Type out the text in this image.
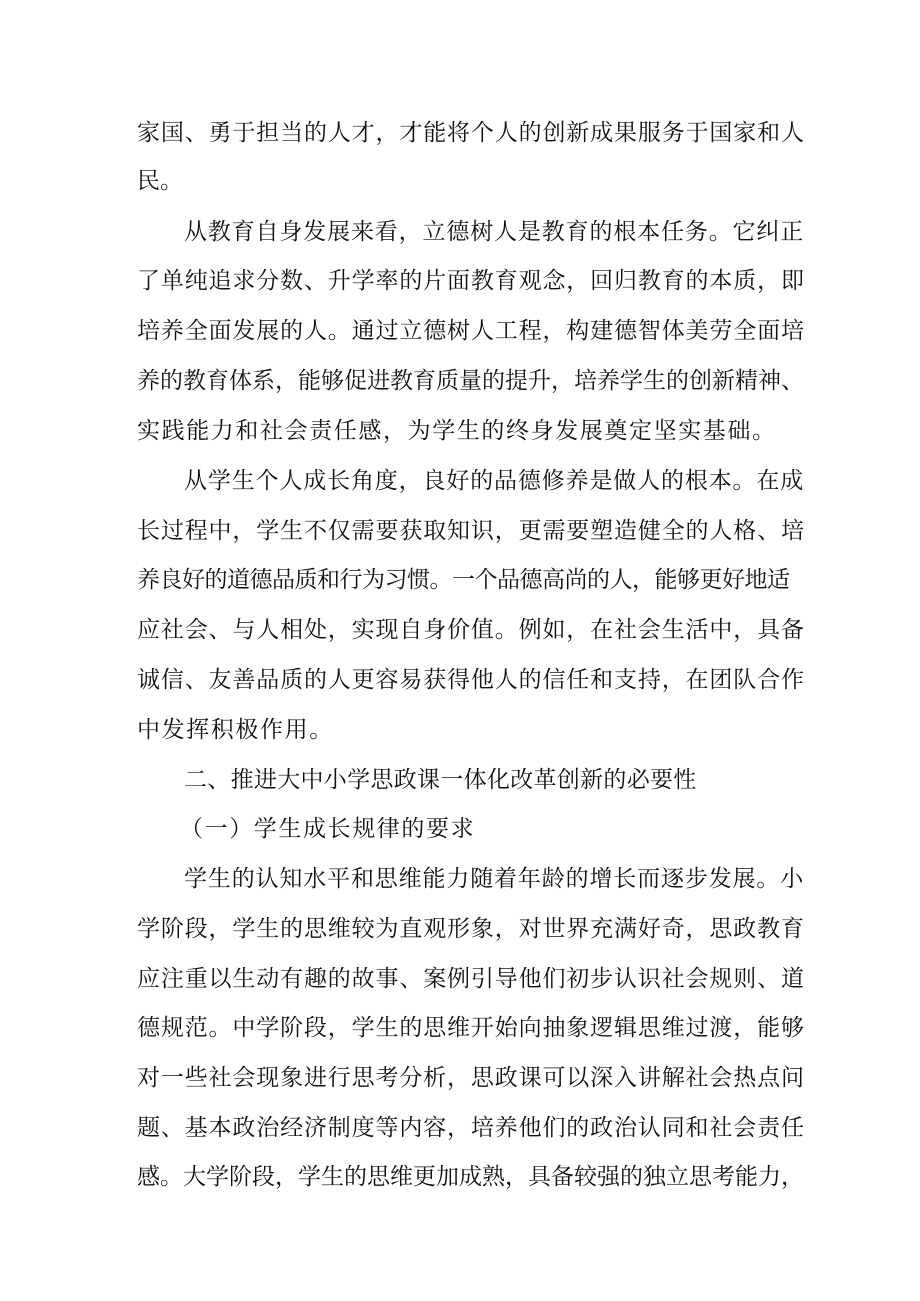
家国、勇于担当的人才，才能将个人的创新成果服务于国家和人
民。
从教育自身发展来看，立德树人是教育的根本任务。它纠正
了单纯追求分数、升学率的片面教育观念，回归教育的本质，即
培养全面发展的人。通过立德树人工程，构建德智体美劳全面培
养的教育体系，能够促进教育质量的提升，培养学生的创新精神、
实践能力和社会责任感，为学生的终身发展奠定坚实基础。
从学生个人成长角度，良好的品德修养是做人的根本。在成
长过程中，学生不仅需要获取知识，更需要塑造健全的人格、培
养良好的道德品质和行为习惯。一个品德高尚的人，能够更好地适
应社会、与人相处，实现自身价值。例如，在社会生活中，具备
诚信、友善品质的人更容易获得他人的信任和支持，在团队合作
中发挥积极作用。
二、推进大中小学思政课一体化改革创新的必要性
（一）学生成长规律的要求
学生的认知水平和思维能力随着年龄的增长而逐步发展。小
学阶段，学生的思维较为直观形象，对世界充满好奇，思政教育
应注重以生动有趣的故事、案例引导他们初步认识社会规则、道
德规范。中学阶段，学生的思维开始向抽象逻辑思维过渡，能够
对一些社会现象进行思考分析，思政课可以深入讲解社会热点问
题、基本政治经济制度等内容，培养他们的政治认同和社会责任
感。大学阶段，学生的思维更加成熟，具备较强的独立思考能力，
